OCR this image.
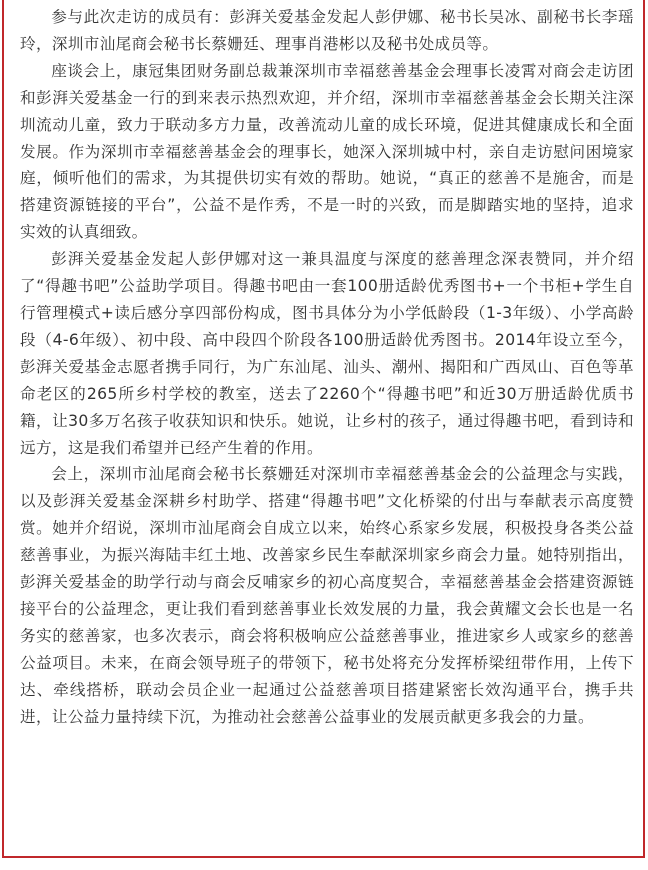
参与此次走访的成员有：彭湃关爱基金发起人彭伊娜、秘书长吴冰、副秘书长李瑶玲，深圳市汕尾商会秘书长蔡姗廷、理事肖港彬以及秘书处成员等。

座谈会上，康冠集团财务副总裁兼深圳市幸福慈善基金会理事长凌霄对商会走访团和彭湃关爱基金一行的到来表示热烈欢迎，并介绍，深圳市幸福慈善基金会长期关注深圳流动儿童，致力于联动多方力量，改善流动儿童的成长环境，促进其健康成长和全面发展。作为深圳市幸福慈善基金会的理事长，她深入深圳城中村，亲自走访慰问困境家庭，倾听他们的需求，为其提供切实有效的帮助。她说，“真正的慈善不是施舍，而是搭建资源链接的平台”，公益不是作秀，不是一时的兴致，而是脚踏实地的坚持，追求实效的认真细致。

彭湃关爱基金发起人彭伊娜对这一兼具温度与深度的慈善理念深表赞同，并介绍了“得趣书吧”公益助学项目。得趣书吧由一套100册适龄优秀图书+一个书柜+学生自行管理模式+读后感分享四部份构成，图书具体分为小学低龄段（1-3年级）、小学高龄段（4-6年级）、初中段、高中段四个阶段各100册适龄优秀图书。2014年设立至今，彭湃关爱基金志愿者携手同行，为广东汕尾、汕头、潮州、揭阳和广西凤山、百色等革命老区的265所乡村学校的教室，送去了2260个“得趣书吧”和近30万册适龄优质书籍，让30多万名孩子收获知识和快乐。她说，让乡村的孩子，通过得趣书吧，看到诗和远方，这是我们希望并已经产生着的作用。

会上，深圳市汕尾商会秘书长蔡姗廷对深圳市幸福慈善基金会的公益理念与实践，以及彭湃关爱基金深耕乡村助学、搭建“得趣书吧”文化桥梁的付出与奉献表示高度赞赏。她并介绍说，深圳市汕尾商会自成立以来，始终心系家乡发展，积极投身各类公益慈善事业，为振兴海陆丰红土地、改善家乡民生奉献深圳家乡商会力量。她特别指出，彭湃关爱基金的助学行动与商会反哺家乡的初心高度契合，幸福慈善基金会搭建资源链接平台的公益理念，更让我们看到慈善事业长效发展的力量，我会黄耀文会长也是一名务实的慈善家，也多次表示，商会将积极响应公益慈善事业，推进家乡人或家乡的慈善公益项目。未来，在商会领导班子的带领下，秘书处将充分发挥桥梁纽带作用，上传下达、牵线搭桥，联动会员企业一起通过公益慈善项目搭建紧密长效沟通平台，携手共进，让公益力量持续下沉，为推动社会慈善公益事业的发展贡献更多我会的力量。
